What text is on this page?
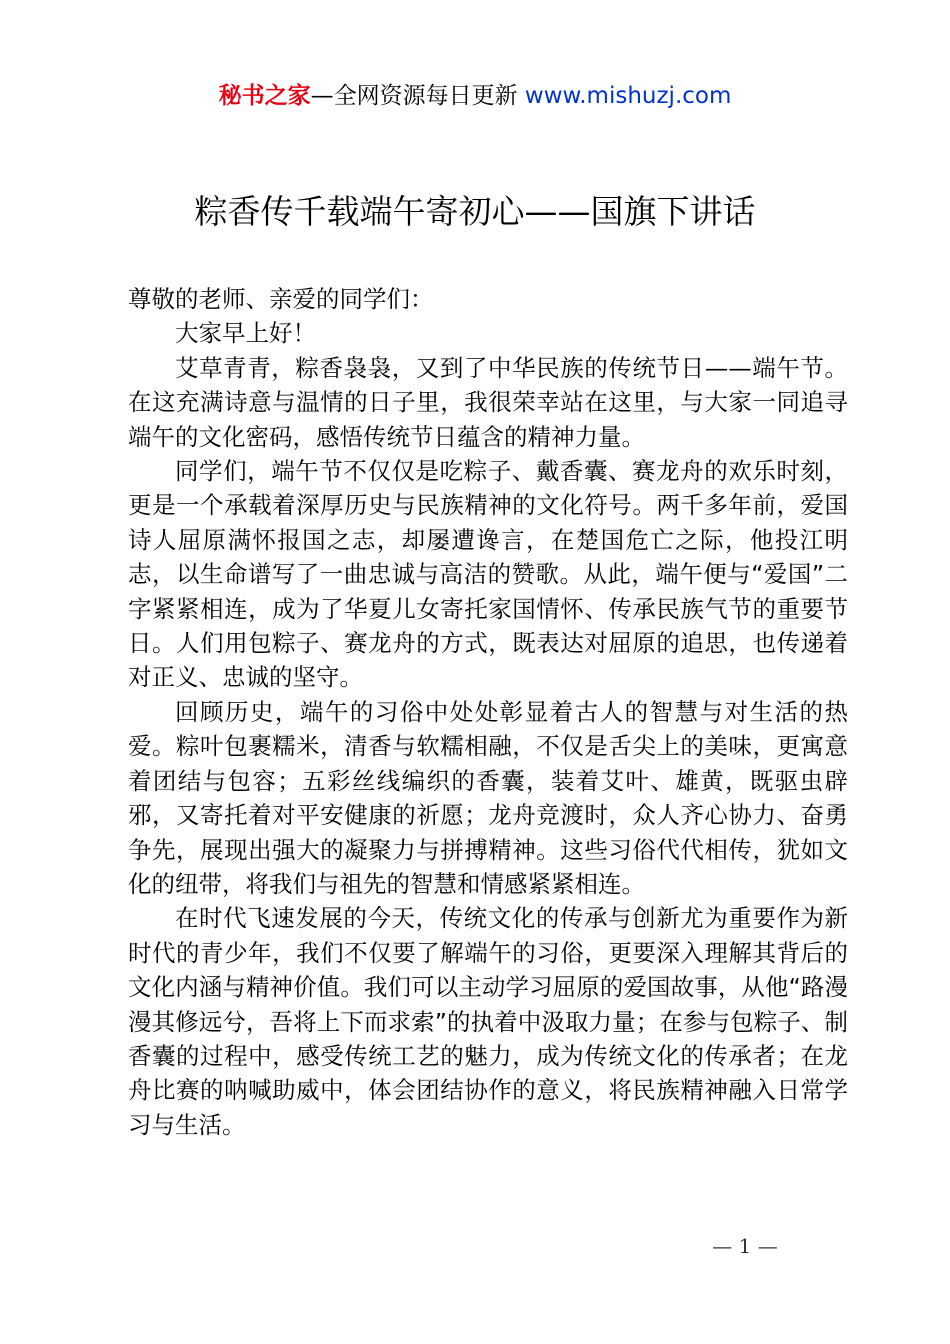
秘书之家—全网资源每日更新 www.mishuzj.com
粽香传千载端午寄初心——国旗下讲话

尊敬的老师、亲爱的同学们：

大家早上好！

艾草青青，粽香袅袅，又到了中华民族的传统节日——端午节。在这充满诗意与温情的日子里，我很荣幸站在这里，与大家一同追寻端午的文化密码，感悟传统节日蕴含的精神力量。

同学们，端午节不仅仅是吃粽子、戴香囊、赛龙舟的欢乐时刻，更是一个承载着深厚历史与民族精神的文化符号。两千多年前，爱国诗人屈原满怀报国之志，却屡遭谗言，在楚国危亡之际，他投江明志，以生命谱写了一曲忠诚与高洁的赞歌。从此，端午便与“爱国”二字紧紧相连，成为了华夏儿女寄托家国情怀、传承民族气节的重要节日。人们用包粽子、赛龙舟的方式，既表达对屈原的追思，也传递着对正义、忠诚的坚守。

回顾历史，端午的习俗中处处彰显着古人的智慧与对生活的热爱。粽叶包裹糯米，清香与软糯相融，不仅是舌尖上的美味，更寓意着团结与包容；五彩丝线编织的香囊，装着艾叶、雄黄，既驱虫辟邪，又寄托着对平安健康的祈愿；龙舟竞渡时，众人齐心协力、奋勇争先，展现出强大的凝聚力与拼搏精神。这些习俗代代相传，犹如文化的纽带，将我们与祖先的智慧和情感紧紧相连。

在时代飞速发展的今天，传统文化的传承与创新尤为重要作为新时代的青少年，我们不仅要了解端午的习俗，更要深入理解其背后的文化内涵与精神价值。我们可以主动学习屈原的爱国故事，从他“路漫漫其修远兮，吾将上下而求索”的执着中汲取力量；在参与包粽子、制香囊的过程中，感受传统工艺的魅力，成为传统文化的传承者；在龙舟比赛的呐喊助威中，体会团结协作的意义，将民族精神融入日常学习与生活。

— 1 —
